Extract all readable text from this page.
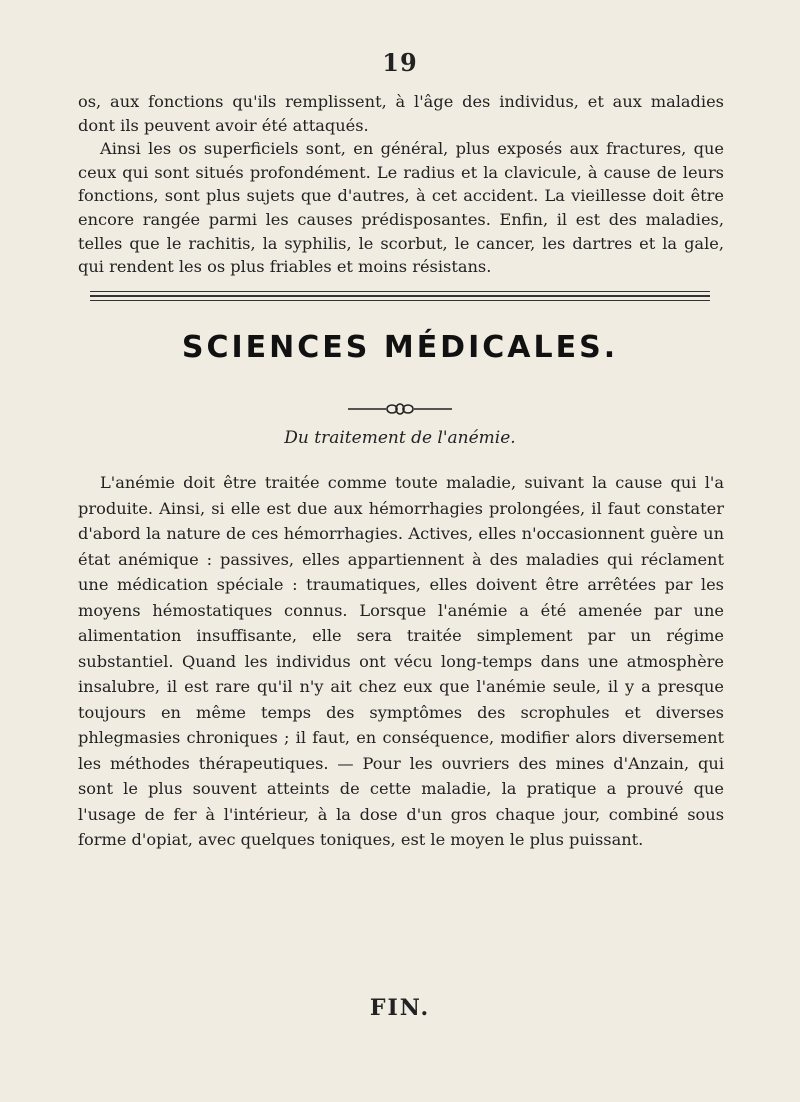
19

os, aux fonctions qu'ils remplissent, à l'âge des individus, et aux maladies dont ils peuvent avoir été attaqués.

Ainsi les os superficiels sont, en général, plus exposés aux fractures, que ceux qui sont situés profondément. Le radius et la clavicule, à cause de leurs fonctions, sont plus sujets que d'autres, à cet accident. La vieillesse doit être encore rangée parmi les causes prédisposantes. Enfin, il est des maladies, telles que le rachitis, la syphilis, le scorbut, le cancer, les dartres et la gale, qui rendent les os plus friables et moins résistans.

SCIENCES MÉDICALES.
Du traitement de l'anémie.

L'anémie doit être traitée comme toute maladie, suivant la cause qui l'a produite. Ainsi, si elle est due aux hémorrhagies prolongées, il faut constater d'abord la nature de ces hémorrhagies. Actives, elles n'occasionnent guère un état anémique : passives, elles appartiennent à des maladies qui réclament une médication spéciale : traumatiques, elles doivent être arrêtées par les moyens hémostatiques connus. Lorsque l'anémie a été amenée par une alimentation insuffisante, elle sera traitée simplement par un régime substantiel. Quand les individus ont vécu long-temps dans une atmosphère insalubre, il est rare qu'il n'y ait chez eux que l'anémie seule, il y a presque toujours en même temps des symptômes des scrophules et diverses phlegmasies chroniques ; il faut, en conséquence, modifier alors diversement les méthodes thérapeutiques. — Pour les ouvriers des mines d'Anzain, qui sont le plus souvent atteints de cette maladie, la pratique a prouvé que l'usage de fer à l'intérieur, à la dose d'un gros chaque jour, combiné sous forme d'opiat, avec quelques toniques, est le moyen le plus puissant.

FIN.
